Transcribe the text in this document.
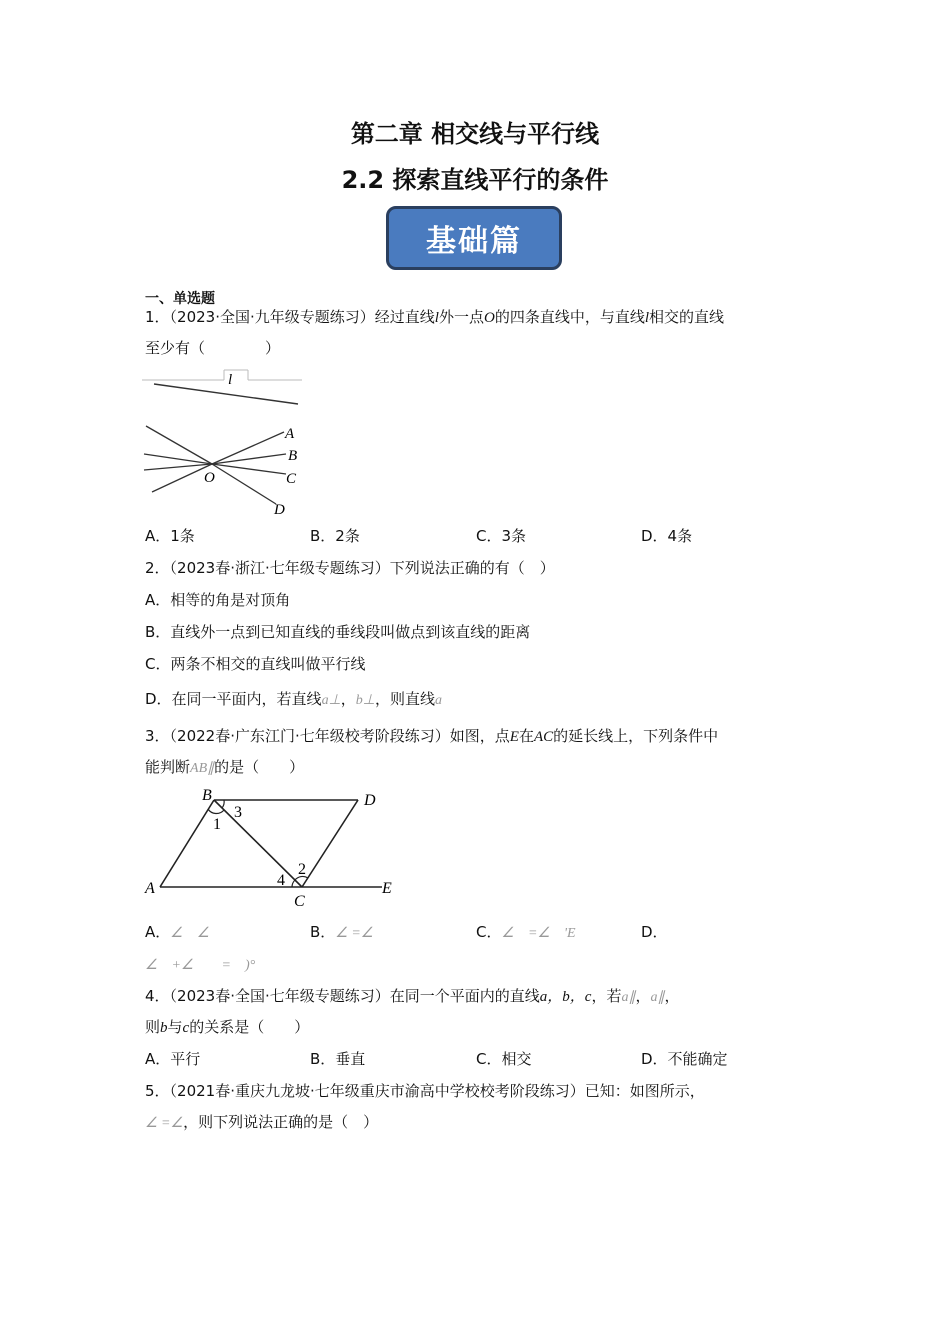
第二章 相交线与平行线
2.2 探索直线平行的条件
基础篇
一、单选题
1．（2023·全国·九年级专题练习）经过直线l外一点O的四条直线中，与直线l相交的直线
至少有（　　　　）
l
A
B
C
D
O
A．1条	B．2条	C．3条	D．4条
2．（2023春·浙江·七年级专题练习）下列说法正确的有（　）
A．相等的角是对顶角
B．直线外一点到已知直线的垂线段叫做点到该直线的距离
C．两条不相交的直线叫做平行线
D．在同一平面内，若直线a⊥，b⊥，则直线a
3．（2022春·广东江门·七年级校考阶段练习）如图，点E在AC的延长线上，下列条件中
能判断AB∥的是（　　）
B	D
A
C
E
1
3
2
4
A．∠　∠	B．∠ =∠	C．∠　=∠　'E	D．
∠　+∠　　=　)°
4．（2023春·全国·七年级专题练习）在同一个平面内的直线a，b，c，若a∥，a∥，
则b与c的关系是（　　）
A．平行	B．垂直	C．相交	D．不能确定
5．（2021春·重庆九龙坡·七年级重庆市渝高中学校校考阶段练习）已知：如图所示，
∠ =∠，则下列说法正确的是（　）
